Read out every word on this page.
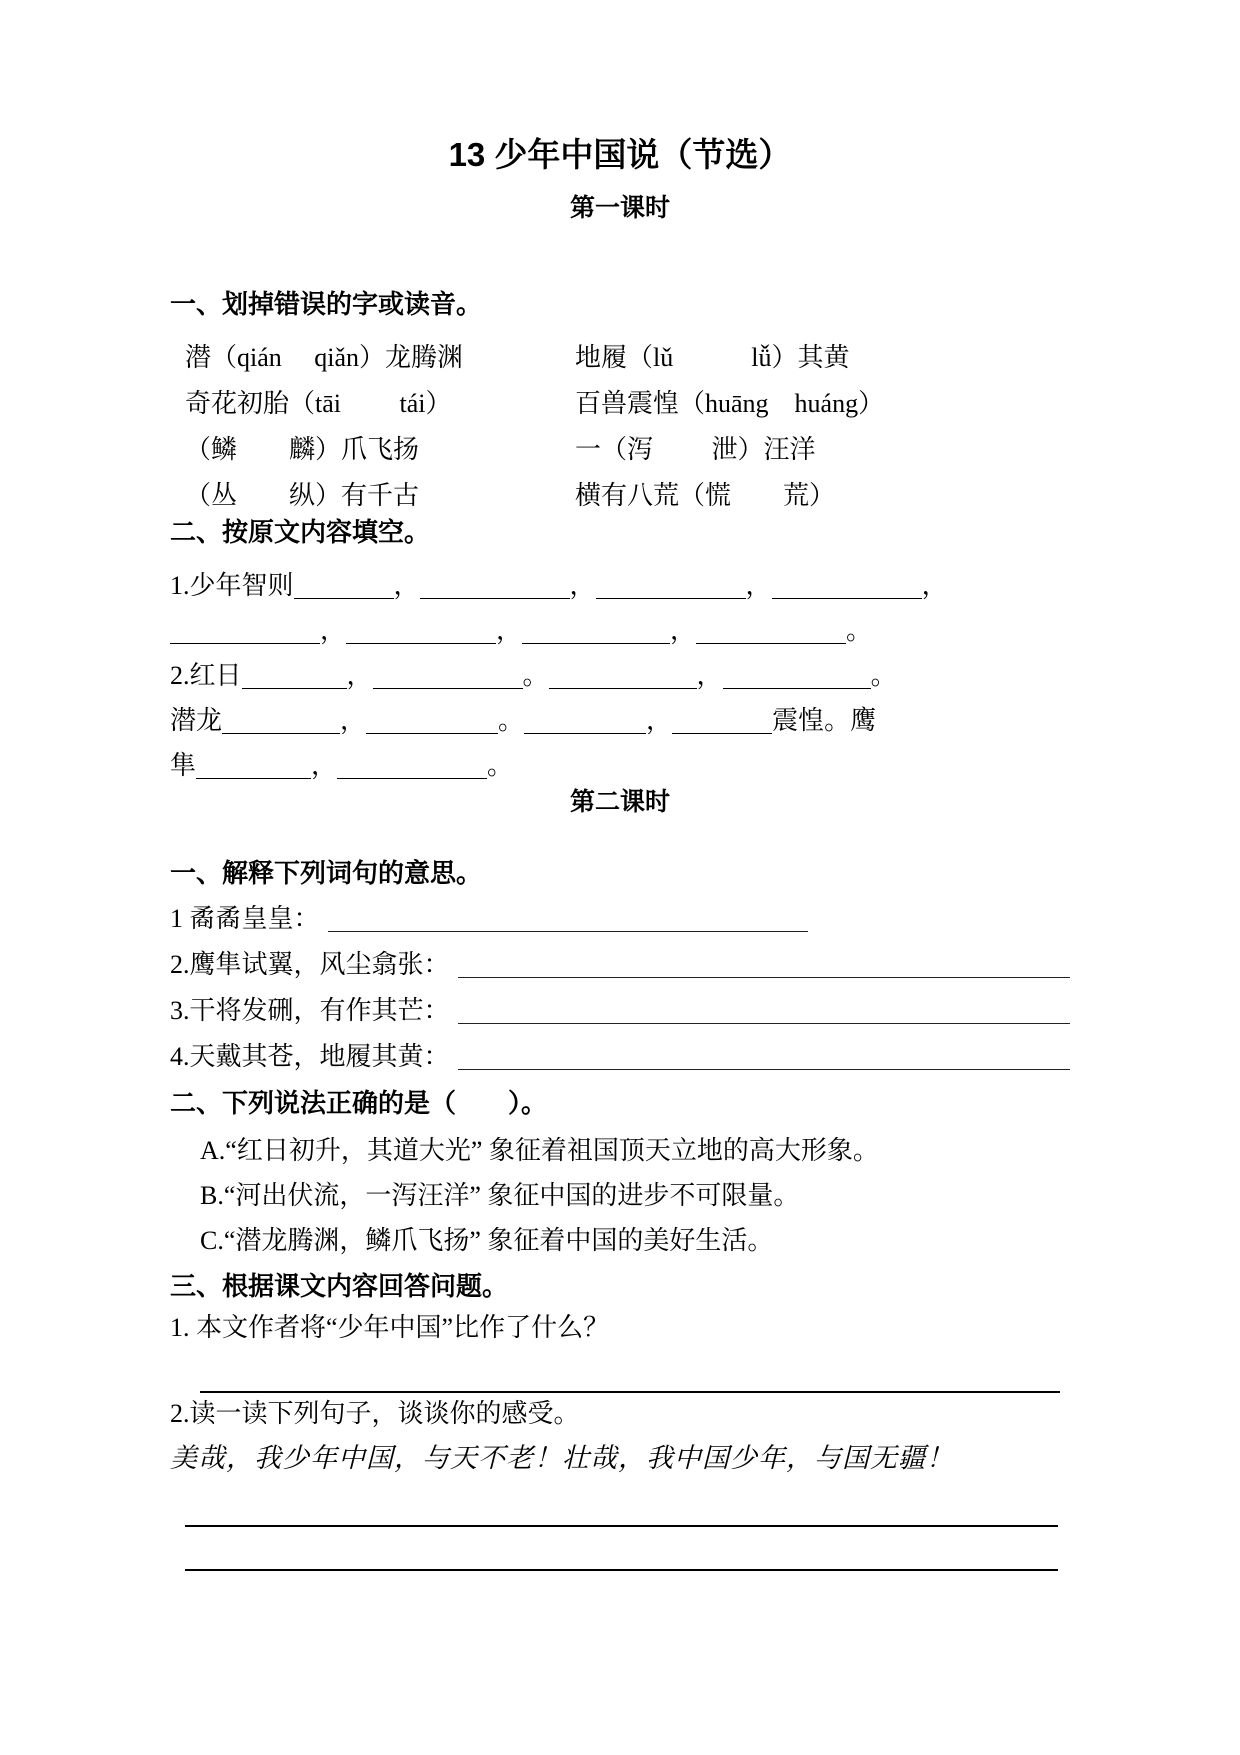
13 少年中国说（节选）
第一课时
一、划掉错误的字或读音。
潜（qián　 qiǎn）龙腾渊	地履（lǔ　　　lǚ）其黄
奇花初胎（tāi　　 tái）	百兽震惶（huāng　huáng）
（鳞　　麟）爪飞扬	一（泻　　 泄）汪洋
（丛　　纵）有千古	横有八荒（慌　　荒）
二、按原文内容填空。
1.少年智则	，	，	，	，
，	，	，	。
2.红日	，	。	，	。
潜龙	，	。	，	震惶。鹰
隼	，	。
第二课时
一、解释下列词句的意思。
1 矞矞皇皇：
2.鹰隼试翼，风尘翕张：
3.干将发硎，有作其芒：
4.天戴其苍，地履其黄：
二、下列说法正确的是（　　）。
A.“红日初升，其道大光” 象征着祖国顶天立地的高大形象。
B.“河出伏流，一泻汪洋” 象征中国的进步不可限量。
C.“潜龙腾渊，鳞爪飞扬” 象征着中国的美好生活。
三、根据课文内容回答问题。
1. 本文作者将“少年中国”比作了什么？
2.读一读下列句子，谈谈你的感受。
美哉，我少年中国，与天不老！壮哉，我中国少年，与国无疆！
